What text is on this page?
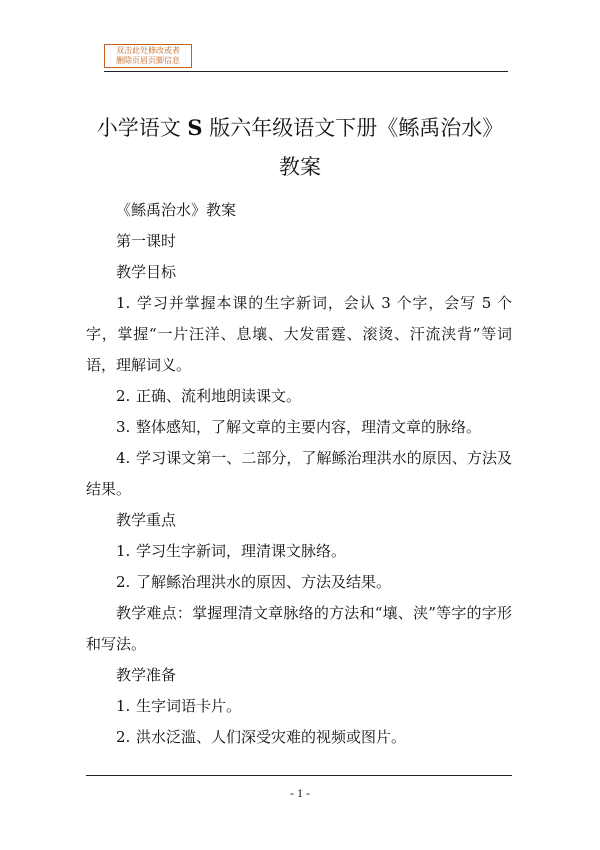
双击此处修改或者
删除页眉页脚信息
小学语文 S 版六年级语文下册《鲧禹治水》
教案

《鲧禹治水》教案

第一课时

教学目标

1. 学习并掌握本课的生字新词，会认 3 个字，会写 5 个字，掌握“一片汪洋、息壤、大发雷霆、滚烫、汗流浃背”等词语，理解词义。

2. 正确、流利地朗读课文。

3. 整体感知，了解文章的主要内容，理清文章的脉络。

4. 学习课文第一、二部分，了解鲧治理洪水的原因、方法及结果。

教学重点

1. 学习生字新词，理清课文脉络。

2. 了解鲧治理洪水的原因、方法及结果。

教学难点：掌握理清文章脉络的方法和“壤、浃”等字的字形和写法。

教学准备

1. 生字词语卡片。

2. 洪水泛滥、人们深受灾难的视频或图片。

- 1 -
